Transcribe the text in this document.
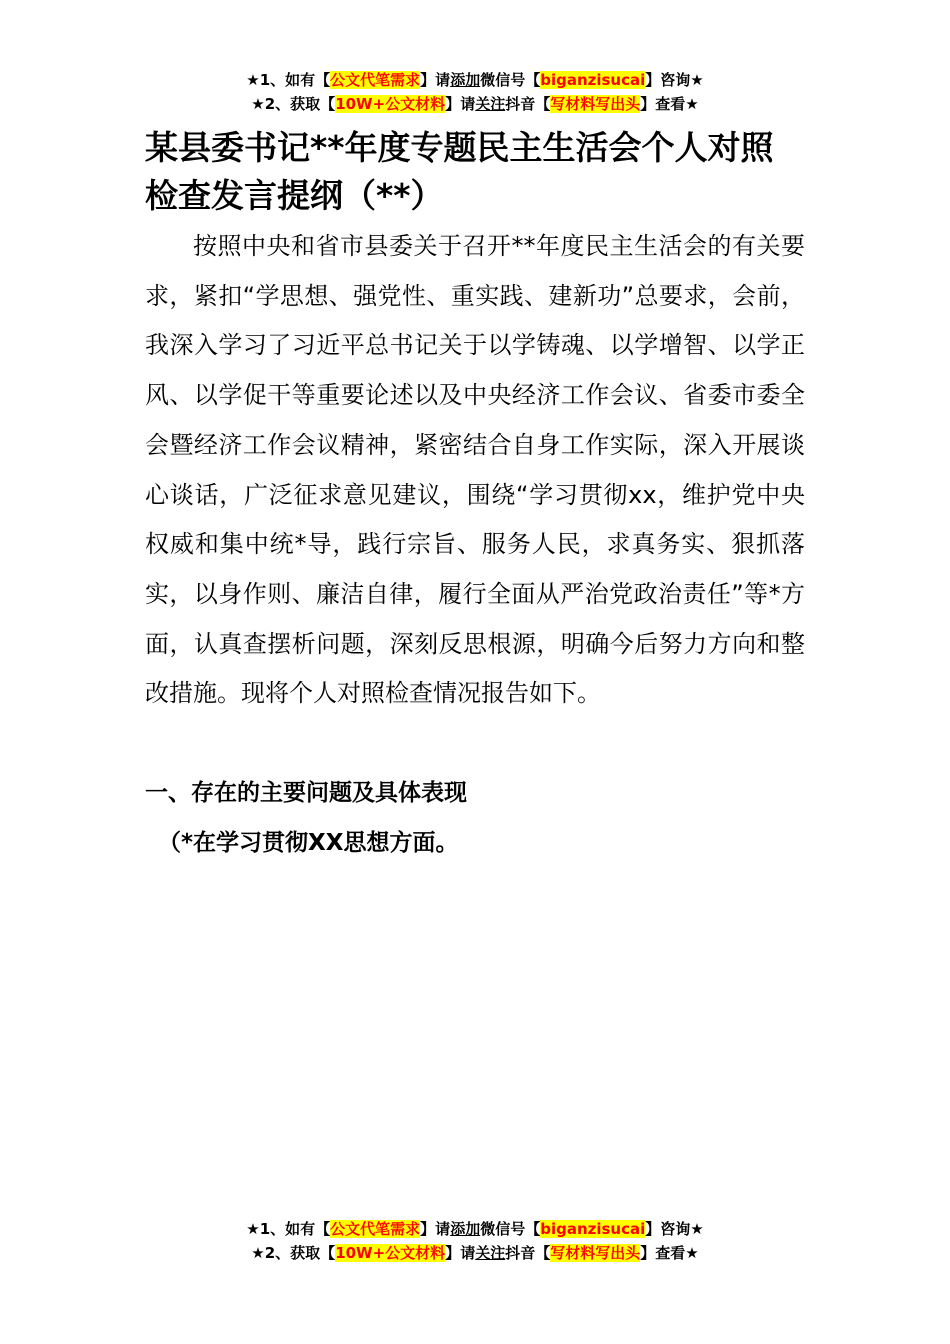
★1、如有【公文代笔需求】请添加微信号【biganzisucai】咨询★
★2、获取【10W+公文材料】请关注抖音【写材料写出头】查看★
某县委书记**年度专题民主生活会个人对照检查发言提纲（**）

按照中央和省市县委关于召开**年度民主生活会的有关要求，紧扣“学思想、强党性、重实践、建新功”总要求，会前，我深入学习了习近平总书记关于以学铸魂、以学增智、以学正风、以学促干等重要论述以及中央经济工作会议、省委市委全会暨经济工作会议精神，紧密结合自身工作实际，深入开展谈心谈话，广泛征求意见建议，围绕“学习贯彻xx，维护党中央权威和集中统*导，践行宗旨、服务人民，求真务实、狠抓落实，以身作则、廉洁自律，履行全面从严治党政治责任”等*方面，认真查摆析问题，深刻反思根源，明确今后努力方向和整改措施。现将个人对照检查情况报告如下。

一、存在的主要问题及具体表现

（*在学习贯彻XX思想方面。

★1、如有【公文代笔需求】请添加微信号【biganzisucai】咨询★
★2、获取【10W+公文材料】请关注抖音【写材料写出头】查看★
